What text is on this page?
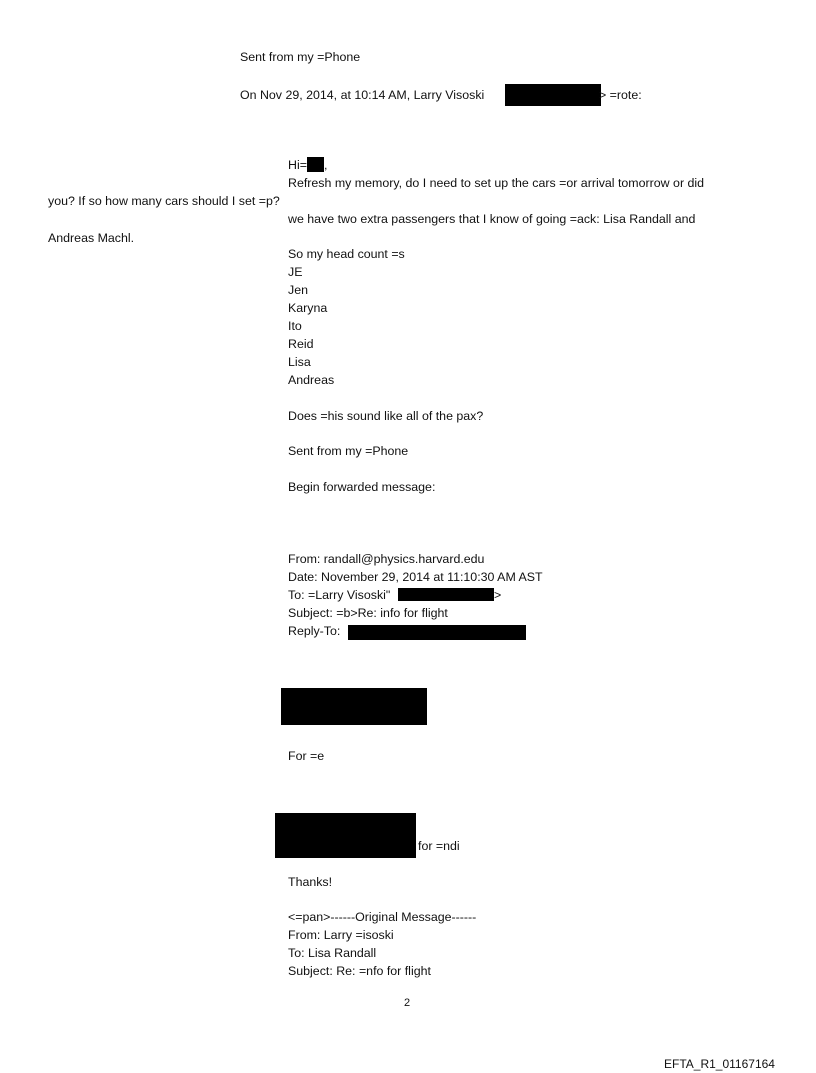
Sent from my =Phone
On Nov 29, 2014, at 10:14 AM, Larry Visoski	> =rote:
Hi= ,
Refresh my memory, do I need to set up the cars =or arrival tomorrow or did
you? If so how many cars should I set =p?
we have two extra passengers that I know of going =ack: Lisa Randall and
Andreas Machl.
So my head count =s
JE
Jen
Karyna
Ito
Reid
Lisa
Andreas
Does =his sound like all of the pax?
Sent from my =Phone
Begin forwarded message:
From: randall@physics.harvard.edu
Date: November 29, 2014 at 11:10:30 AM AST
To: =Larry Visoski"	>
Subject: =b>Re: info for flight
Reply-To:
For =e
for =ndi
Thanks!
<=pan>------Original Message------
From: Larry =isoski
To: Lisa Randall
Subject: Re: =nfo for flight
2
EFTA_R1_01167164
